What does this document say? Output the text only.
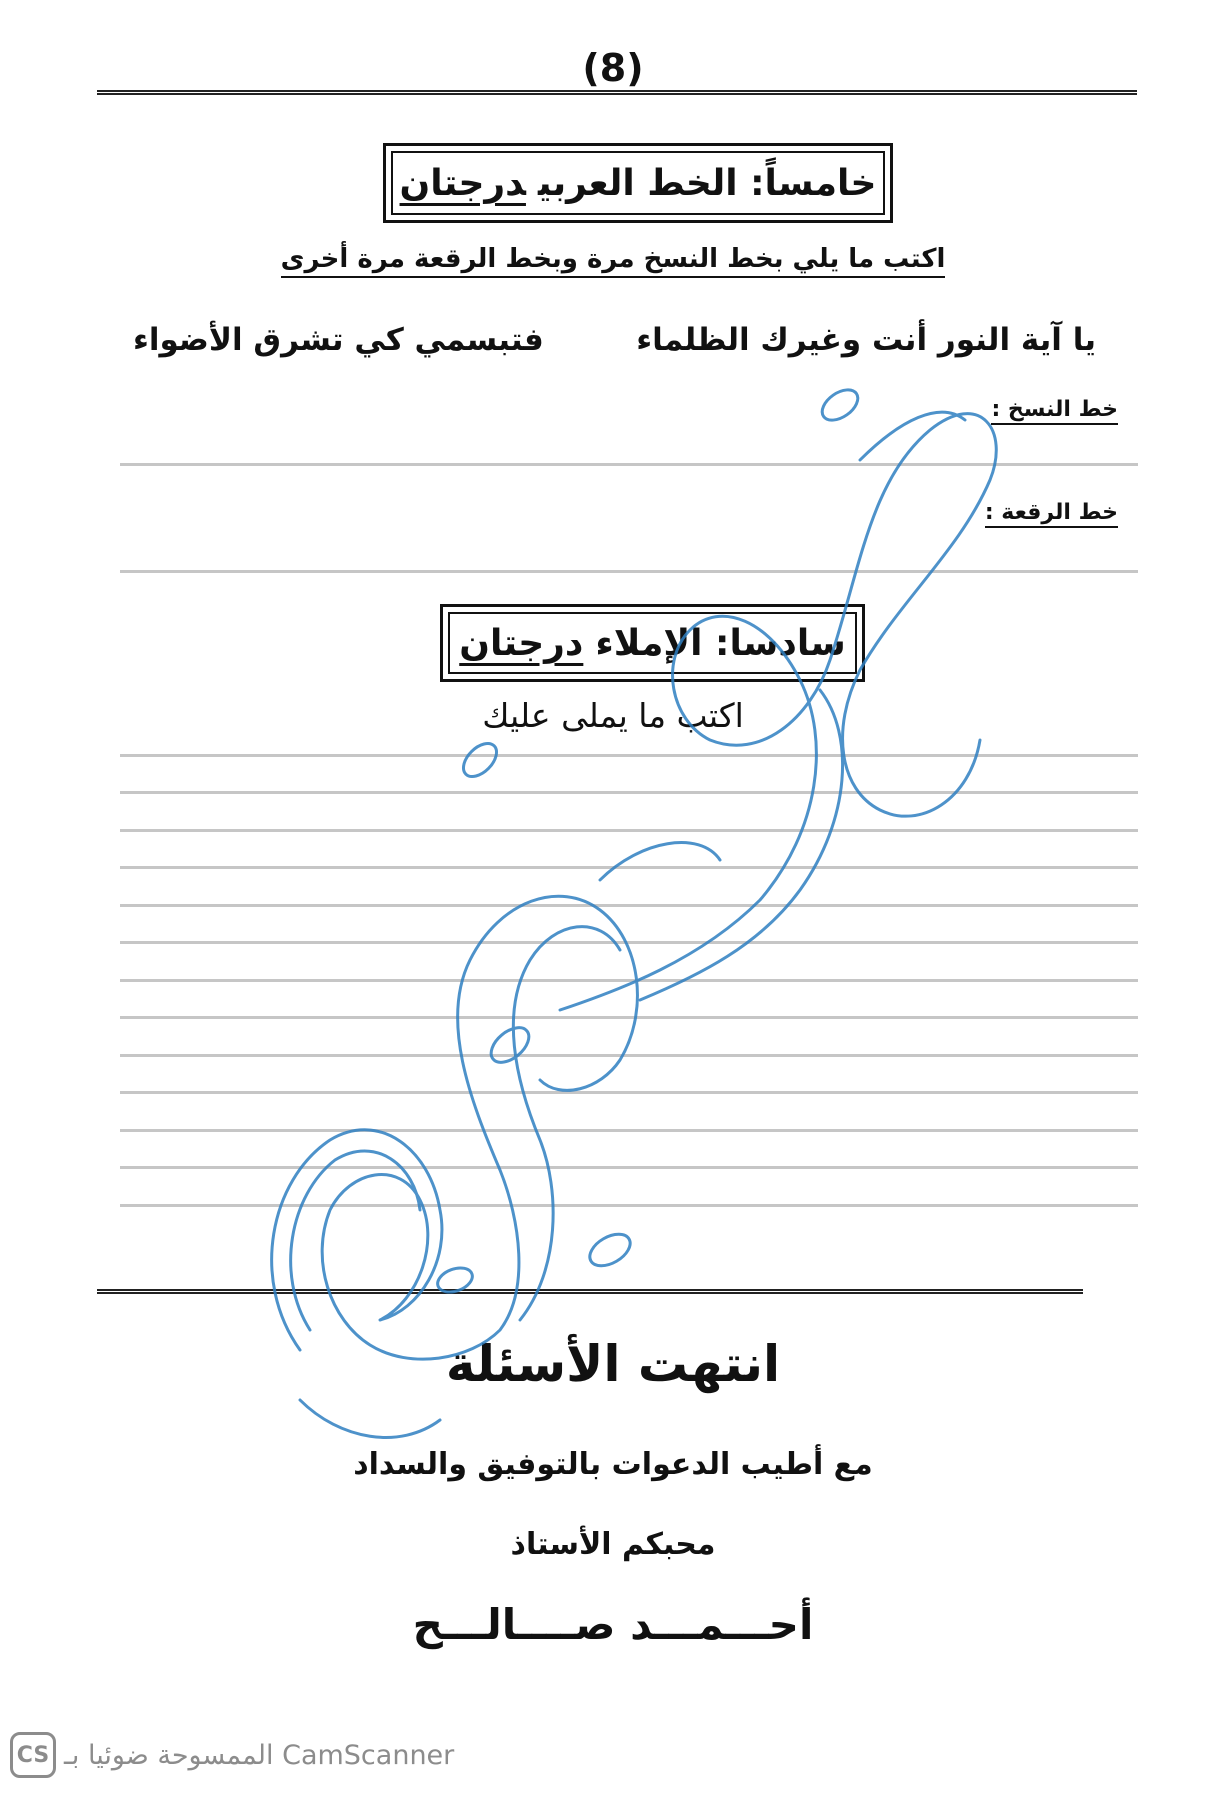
(8)
خامساً: الخط العربيدرجتان
اكتب ما يلي بخط النسخ مرة وبخط الرقعة مرة أخرى
يا آية النور أنت وغيرك الظلماء
فتبسمي كي تشرق الأضواء
خط النسخ :
خط الرقعة :
سادسا: الإملاءدرجتان
اكتب ما يملى عليك
انتهت الأسئلة
مع أطيب الدعوات بالتوفيق والسداد
محبكم الأستاذ
أحـــمـــد صــــالـــح
CS الممسوحة ضوئيا بـ CamScanner
